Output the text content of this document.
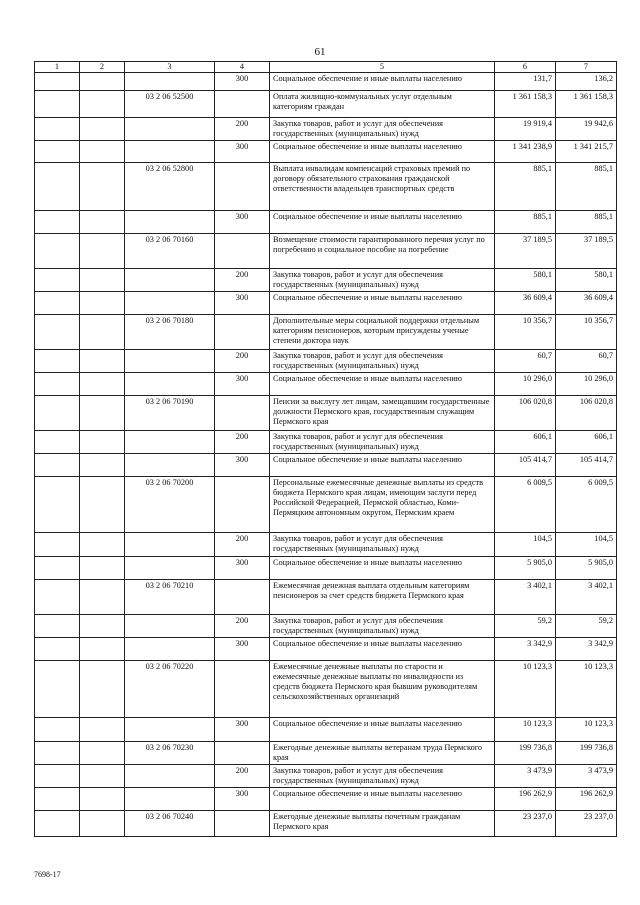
61
1	2	3	4	5	6	7
			300	Социальное обеспечение и иные выплаты населению	131,7	136,2
		03 2 06 52500		Оплата жилищно-коммунальных услуг отдельным категориям граждан	1 361 158,3	1 361 158,3
			200	Закупка товаров, работ и услуг для обеспечения государственных (муниципальных) нужд	19 919,4	19 942,6
			300	Социальное обеспечение и иные выплаты населению	1 341 238,9	1 341 215,7
		03 2 06 52800		Выплата инвалидам компенсаций страховых премий по договору обязательного страхования гражданской ответственности владельцев транспортных средств	885,1	885,1
			300	Социальное обеспечение и иные выплаты населению	885,1	885,1
		03 2 06 70160		Возмещение стоимости гарантированного перечня услуг по погребению и социальное пособие на погребение	37 189,5	37 189,5
			200	Закупка товаров, работ и услуг для обеспечения государственных (муниципальных) нужд	580,1	580,1
			300	Социальное обеспечение и иные выплаты населению	36 609,4	36 609,4
		03 2 06 70180		Дополнительные меры социальной поддержки отдельным категориям пенсионеров, которым присуждены ученые степени доктора наук	10 356,7	10 356,7
			200	Закупка товаров, работ и услуг для обеспечения государственных (муниципальных) нужд	60,7	60,7
			300	Социальное обеспечение и иные выплаты населению	10 296,0	10 296,0
		03 2 06 70190		Пенсии за выслугу лет лицам, замещавшим государственные должности Пермского края, государственным служащим Пермского края	106 020,8	106 020,8
			200	Закупка товаров, работ и услуг для обеспечения государственных (муниципальных) нужд	606,1	606,1
			300	Социальное обеспечение и иные выплаты населению	105 414,7	105 414,7
		03 2 06 70200		Персональные ежемесячные денежные выплаты из средств бюджета Пермского края лицам, имеющим заслуги перед Российской Федерацией, Пермской областью, Коми-Пермяцким автономным округом, Пермским краем	6 009,5	6 009,5
			200	Закупка товаров, работ и услуг для обеспечения государственных (муниципальных) нужд	104,5	104,5
			300	Социальное обеспечение и иные выплаты населению	5 905,0	5 905,0
		03 2 06 70210		Ежемесячная денежная выплата отдельным категориям пенсионеров за счет средств бюджета Пермского края	3 402,1	3 402,1
			200	Закупка товаров, работ и услуг для обеспечения государственных (муниципальных) нужд	59,2	59,2
			300	Социальное обеспечение и иные выплаты населению	3 342,9	3 342,9
		03 2 06 70220		Ежемесячные денежные выплаты по старости и ежемесячные денежные выплаты по инвалидности из средств бюджета Пермского края бывшим руководителям сельскохозяйственных организаций	10 123,3	10 123,3
			300	Социальное обеспечение и иные выплаты населению	10 123,3	10 123,3
		03 2 06 70230		Ежегодные денежные выплаты ветеранам труда Пермского края	199 736,8	199 736,8
			200	Закупка товаров, работ и услуг для обеспечения государственных (муниципальных) нужд	3 473,9	3 473,9
			300	Социальное обеспечение и иные выплаты населению	196 262,9	196 262,9
		03 2 06 70240		Ежегодные денежные выплаты почетным гражданам Пермского края	23 237,0	23 237,0
7698-17
